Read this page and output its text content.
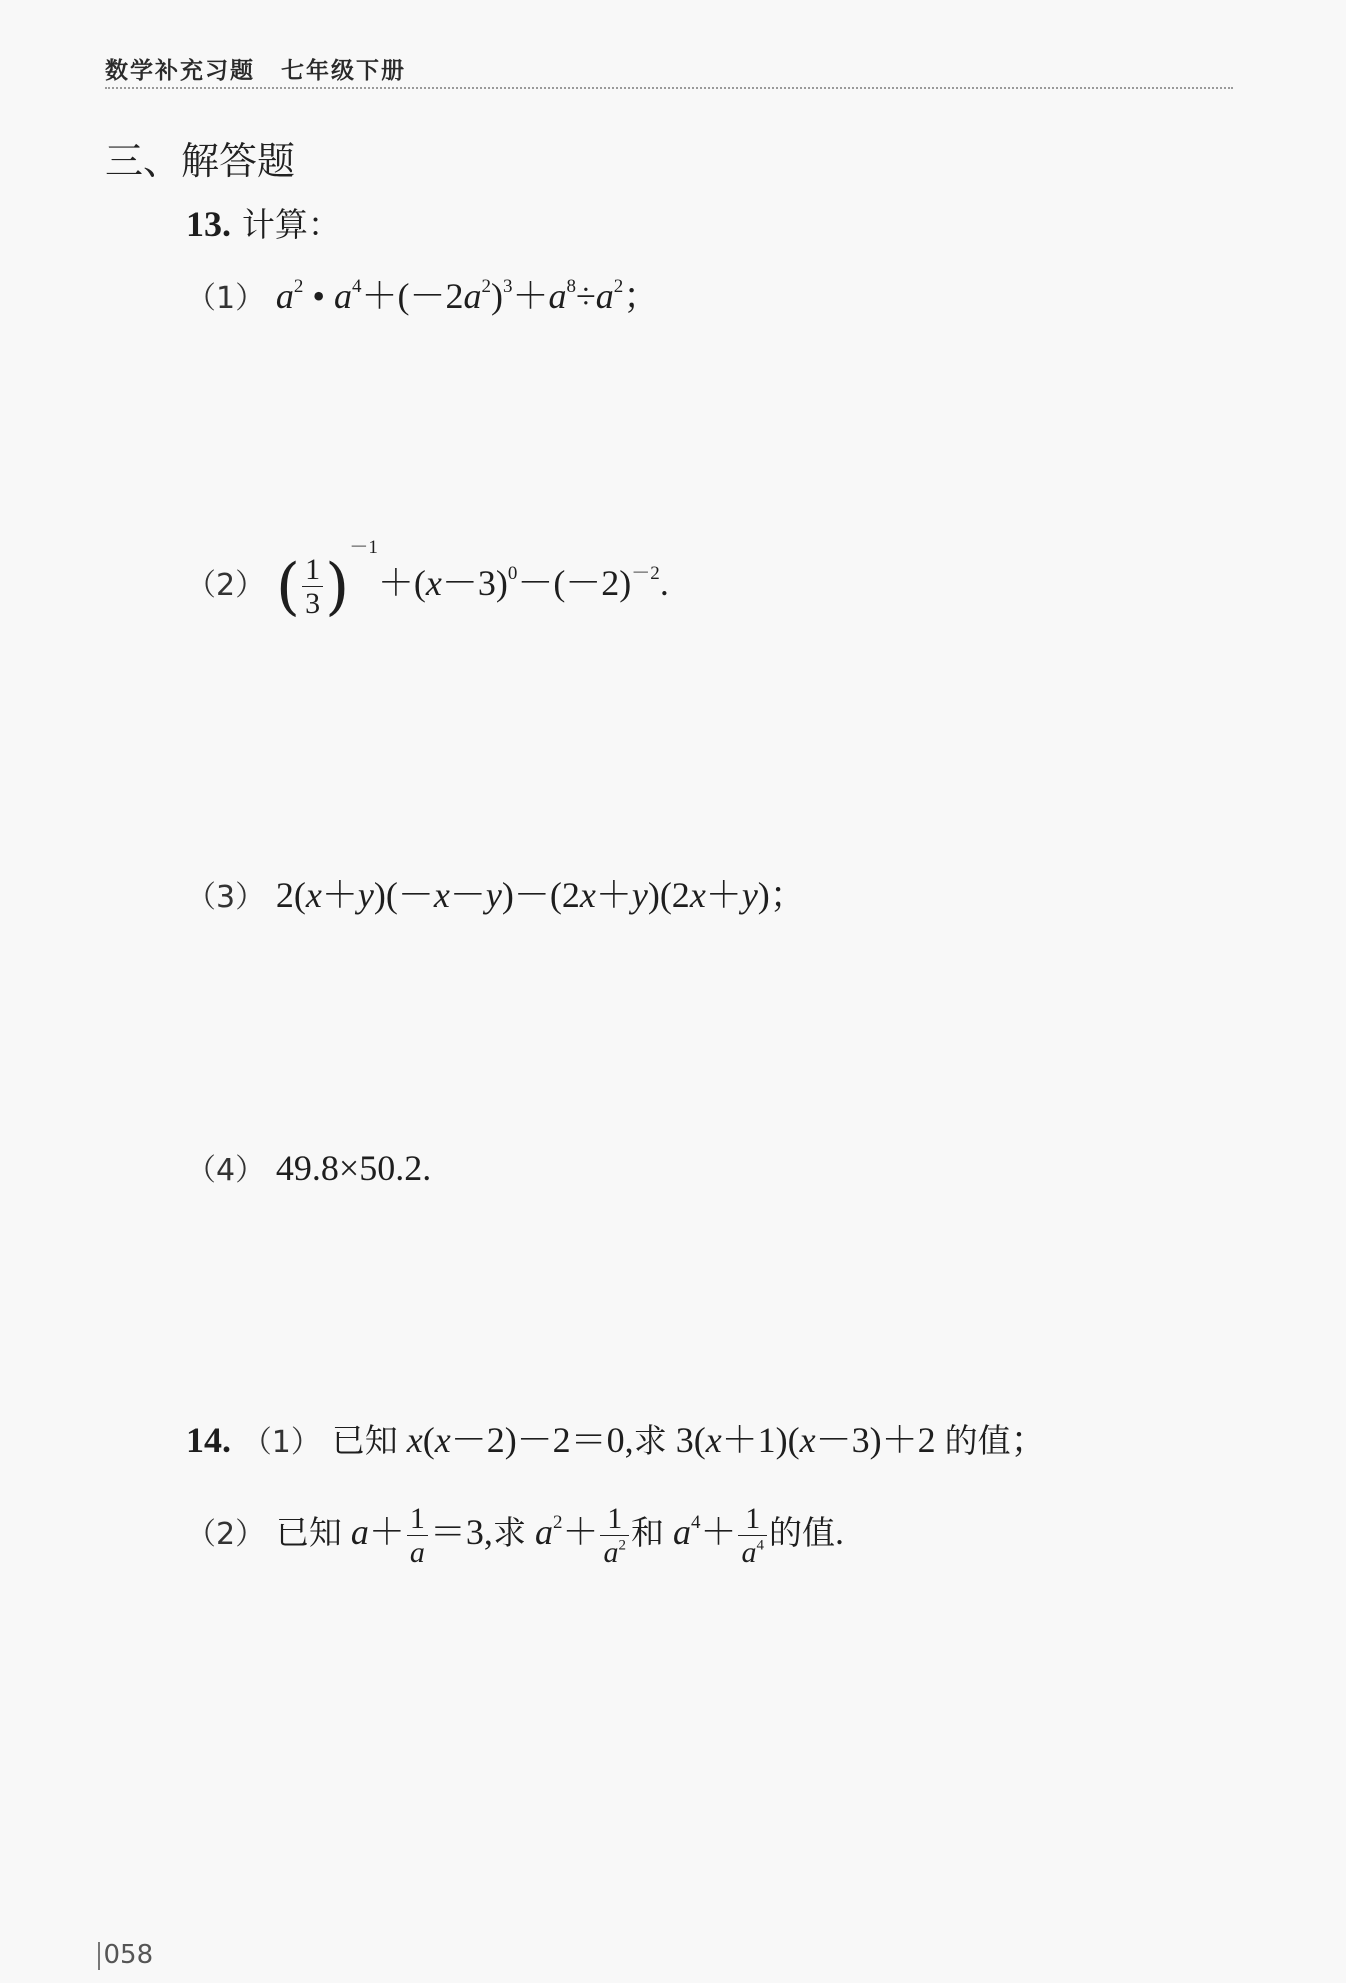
数学补充习题 七年级下册
三、解答题
13. 计算：
（1） $a^2$ • $a^4+(-2a^2)^3+a^8\div a^2$；
（2） ( $\frac{1}{3} )^{-1}+(x-3)^0-(-2)^{-2}$.
（3） 2(x＋y)(－x－y)－(2x＋y)(2x＋y)；
（4） 49.8×50.2.
14. （1） 已知 x(x－2)－2＝0,求 3(x＋1)(x－3)＋2 的值；
（2） 已知 $a+ \frac{1}{a} =3$,求 $a^2+ \frac{1}{a^2}$ 和 $a^4+ \frac{1}{a^4}$ 的值.
058
